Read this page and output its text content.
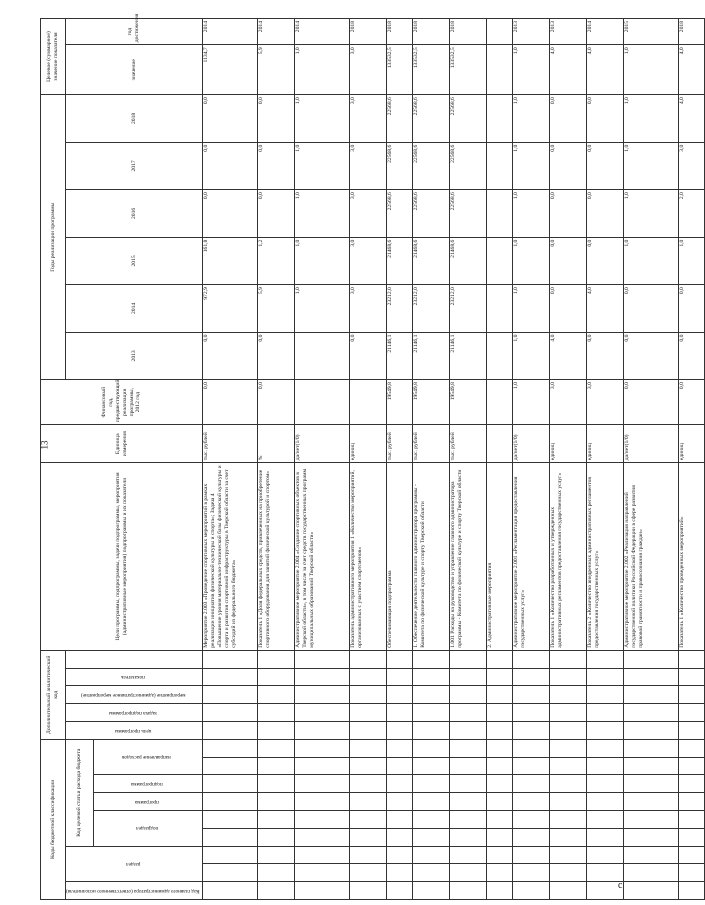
13
с
Коды бюджетной классификации									Дополнительный аналитический код					Цели программы, подпрограммы, задачи подпрограммы, мероприятия (административные мероприятия) подпрограммы и их показатели	Единица измерения	Финансовый год, предшествующий реализации программы, 2012 год	Годы реализации программы						Целевое (суммарное) значение показателя	
Код главного администратора (ответственного исполнителя)	раздел		Код целевой статьи расхода бюджета						цель программы	задача подпрограммы	мероприятие (административное мероприятие)	показатель					2013	2014	2015	2016	2017	2018	значение	год достижения
			подраздел		программа	подпрограмма	направление расходов																	
														Мероприятие 2.003 «Проведение спортивных мероприятий в рамках реализации инициатив физической культуры и спорта»; Задача 4 «Повышение уровня материально-технической базы физической культуры и спорта и развития спортивной инфраструктуры в Тверской области за счет субсидий из федерального бюджета»	тыс. рублей	0,0	0,0	972,9	161,8	0,0	0,0	0,0	1134,7	2014
														Показатель 1 «Доля федеральных средств, привлеченных на приобретение спортивного оборудования для занятий физической культурой и спортом»	%	0,0	0,0	5,9	1,2	0,0	0,0	0,0	5,9	2014
														Административное мероприятие 2.004 «Создание спортивных объектов в Тверской области», в том числе за счет средств государственных программ муниципальных образований Тверской области»	да/нет(1/0)			1,0	1,0	1,0	1,0	1,0	1,0	2014
														Показатель административного мероприятия 1 «Количество мероприятий, организованных с участием спортсменов»	единиц		0,0	3,0	3,0	3,0	3,0	3,0	3,0	2018
														Обеспечивающая подпрограмма	тыс. рублей	19549,8	21146,1	23212,0	21468,6	22568,6	22568,6	22568,6	133532,5	2018
														1. Обеспечение деятельности главного администратора программы - Комитета по физической культуре и спорту Тверской области	тыс. рублей	19549,8	21146,1	23212,0	21468,6	22568,6	22568,6	22568,6	133532,5	2018
														1.001 Расходы на руководство и управление главного администратора программы - Комитета по физической культуре и спорту Тверской области	тыс. рублей	19549,8	21146,1	23212,0	21468,6	22568,6	22568,6	22568,6	133532,5	2018
														2. Административные мероприятия										
														Административное мероприятие 2.001 «Регламентация предоставления государственных услуг»	да/нет(1/0)	1,0	1,0	1,0	1,0	1,0	1,0	1,0	1,0	2013
														Показатель 1 «Количество разработанных и утвержденных административных регламентов предоставления государственных услуг»	единиц	3,0	4,0	0,0	0,0	0,0	0,0	0,0	4,0	2013
														Показатель 2 «Количество внедренных административных регламентов предоставления государственных услуг»	единиц	3,0	0,0	4,0	0,0	0,0	0,0	0,0	4,0	2014
														Административное мероприятие 2.002 «Реализация направлений государственной политики Российской Федерации в сфере развития правовой грамотности и правосознания граждан»	да/нет(1/0)	0,0	0,0	0,0	1,0	1,0	1,0	1,0	1,0	2015
														Показатель 1 «Количество проведенных мероприятий»	единиц	0,0	0,0	0,0	1,0	2,0	3,0	4,0	4,0	2018
